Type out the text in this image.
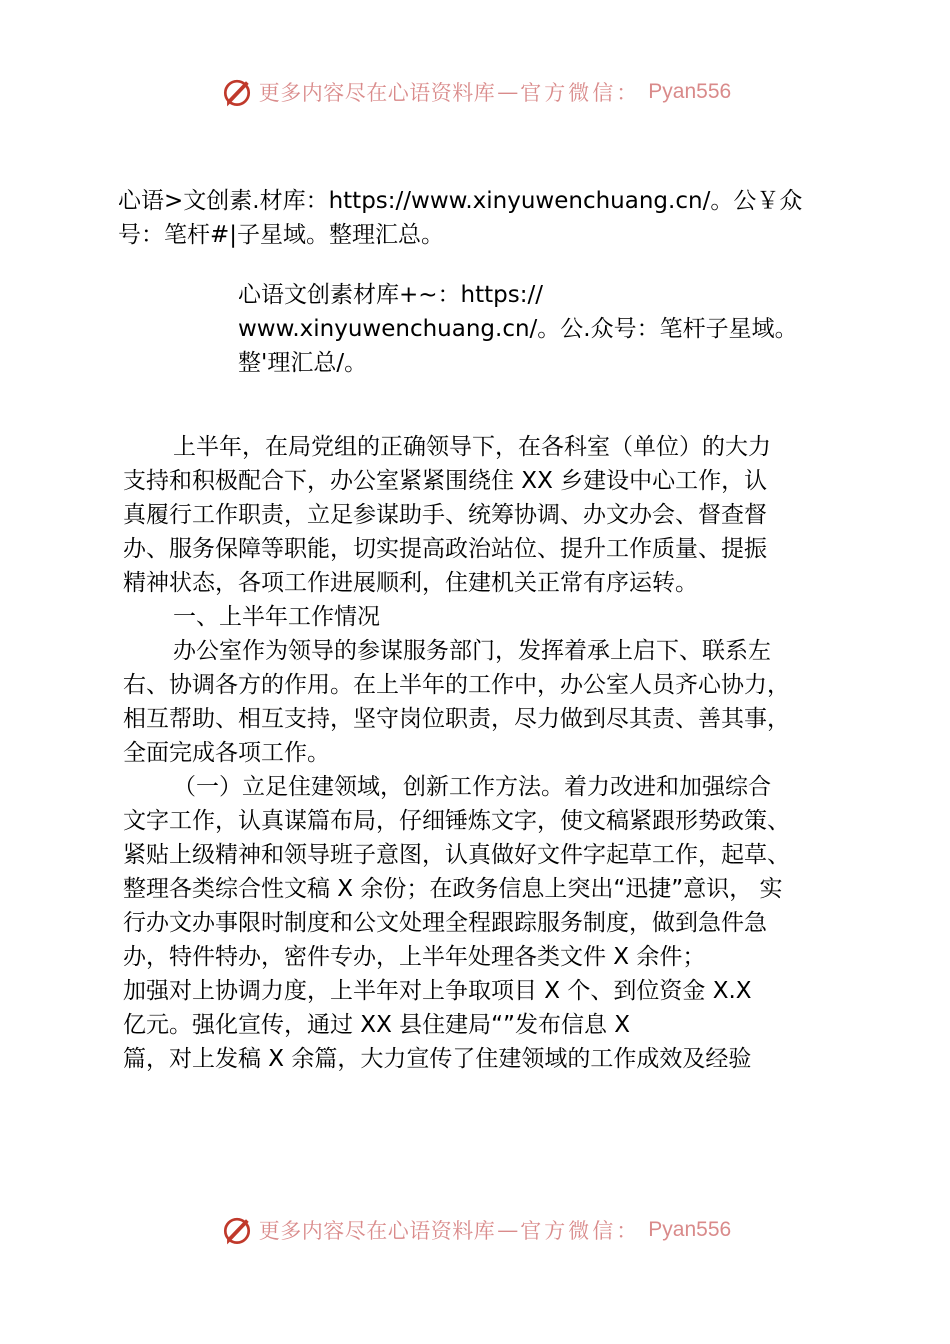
更多内容尽在心语资料库 — 官方微信： Pyan556

心语>文创素.材库：https://www.xinyuwenchuang.cn/。公￥众

号：笔杆#|子星域。整理汇总。

心语文创素材库+~：https://

www.xinyuwenchuang.cn/。公.众号：笔杆子星域。

整'理汇总/。

上半年，在局党组的正确领导下，在各科室（单位）的大力

支持和积极配合下，办公室紧紧围绕住 XX 乡建设中心工作，认

真履行工作职责，立足参谋助手、统筹协调、办文办会、督查督

办、服务保障等职能，切实提高政治站位、提升工作质量、提振

精神状态，各项工作进展顺利，住建机关正常有序运转。

一、上半年工作情况

办公室作为领导的参谋服务部门，发挥着承上启下、联系左

右、协调各方的作用。在上半年的工作中，办公室人员齐心协力，

相互帮助、相互支持，坚守岗位职责，尽力做到尽其责、善其事，

全面完成各项工作。

（一）立足住建领域，创新工作方法。着力改进和加强综合

文字工作，认真谋篇布局，仔细锤炼文字，使文稿紧跟形势政策、

紧贴上级精神和领导班子意图，认真做好文件字起草工作，起草、

整理各类综合性文稿 X 余份；在政务信息上突出“迅捷”意识， 实

行办文办事限时制度和公文处理全程跟踪服务制度，做到急件急

办，特件特办，密件专办，上半年处理各类文件 X 余件；

加强对上协调力度，上半年对上争取项目 X 个、到位资金 X.X

亿元。强化宣传，通过 XX 县住建局“”发布信息 X

篇，对上发稿 X 余篇，大力宣传了住建领域的工作成效及经验

更多内容尽在心语资料库 — 官方微信： Pyan556
